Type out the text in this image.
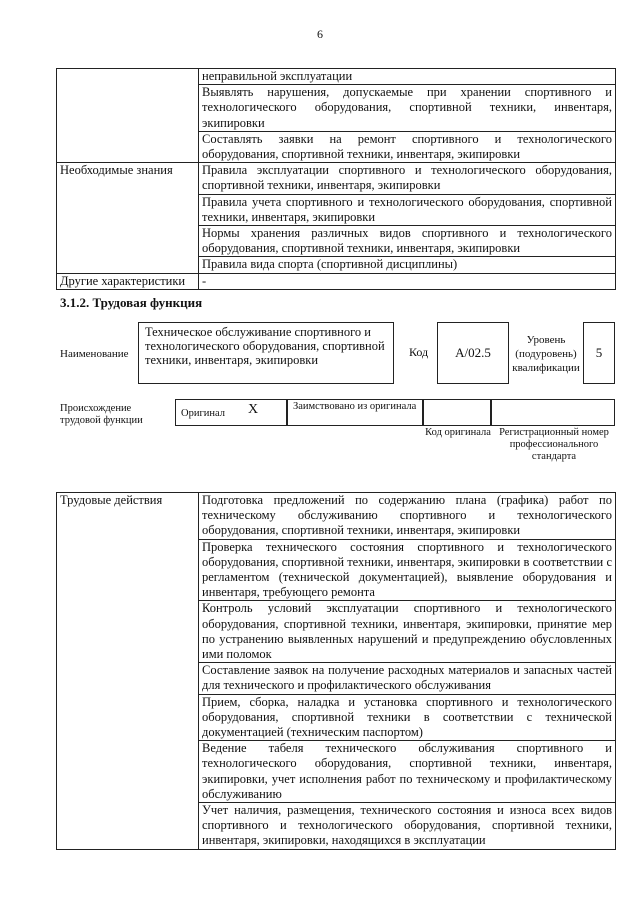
6
	неправильной эксплуатации
	Выявлять нарушения, допускаемые при хранении спортивного и технологического оборудования, спортивной техники, инвентаря, экипировки
	Составлять заявки на ремонт спортивного и технологического оборудования, спортивной техники, инвентаря, экипировки
Необходимые знания	Правила эксплуатации спортивного и технологического оборудования, спортивной техники, инвентаря, экипировки
	Правила учета спортивного и технологического оборудования, спортивной техники, инвентаря, экипировки
	Нормы хранения различных видов спортивного и технологического оборудования, спортивной техники, инвентаря, экипировки
	Правила вида спорта (спортивной дисциплины)
Другие характеристики	-
3.1.2. Трудовая функция
Наименование
Техническое обслуживание спортивного и технологического оборудования, спортивной техники, инвентаря, экипировки
Код A/02.5
Уровень (подуровень) квалификации
5
Происхождение трудовой функции
Оригинал X	Заимствовано из оригинала
Код оригинала Регистрационный номер профессионального стандарта
Трудовые действия	Подготовка предложений по содержанию плана (графика) работ по техническому обслуживанию спортивного и технологического оборудования, спортивной техники, инвентаря, экипировки
Проверка технического состояния спортивного и технологического оборудования, спортивной техники, инвентаря, экипировки в соответствии с регламентом (технической документацией), выявление оборудования и инвентаря, требующего ремонта
Контроль условий эксплуатации спортивного и технологического оборудования, спортивной техники, инвентаря, экипировки, принятие мер по устранению выявленных нарушений и предупреждению обусловленных ими поломок
Составление заявок на получение расходных материалов и запасных частей для технического и профилактического обслуживания
Прием, сборка, наладка и установка спортивного и технологического оборудования, спортивной техники в соответствии с технической документацией (техническим паспортом)
Ведение табеля технического обслуживания спортивного и технологического оборудования, спортивной техники, инвентаря, экипировки, учет исполнения работ по техническому и профилактическому обслуживанию
Учет наличия, размещения, технического состояния и износа всех видов спортивного и технологического оборудования, спортивной техники, инвентаря, экипировки, находящихся в эксплуатации
